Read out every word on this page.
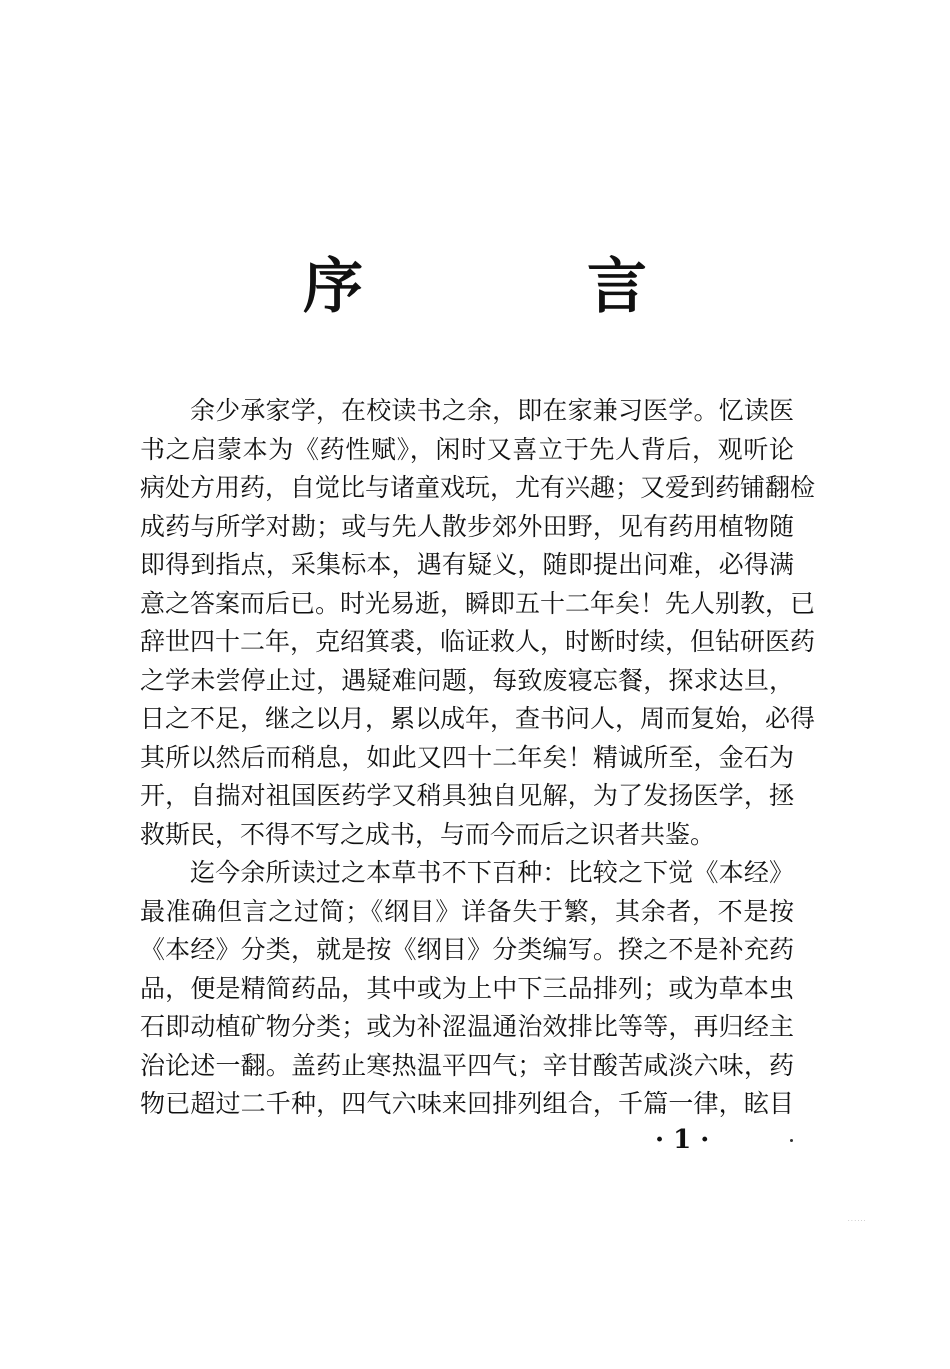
序　言

余少承家学，在校读书之余，即在家兼习医学。忆读医
书之启蒙本为《药性赋》，闲时又喜立于先人背后，观听论
病处方用药，自觉比与诸童戏玩，尤有兴趣；又爱到药铺翻检
成药与所学对勘；或与先人散步郊外田野，见有药用植物随
即得到指点，采集标本，遇有疑义，随即提出问难，必得满
意之答案而后已。时光易逝，瞬即五十二年矣！先人别教，已
辞世四十二年，克绍箕裘，临证救人，时断时续，但钻研医药
之学未尝停止过，遇疑难问题，每致废寝忘餐，探求达旦，
日之不足，继之以月，累以成年，查书问人，周而复始，必得
其所以然后而稍息，如此又四十二年矣！精诚所至，金石为
开，自揣对祖国医药学又稍具独自见解，为了发扬医学，拯
救斯民，不得不写之成书，与而今而后之识者共鉴。

迄今余所读过之本草书不下百种：比较之下觉《本经》
最准确但言之过简；《纲目》详备失于繁，其余者，不是按
《本经》分类，就是按《纲目》分类编写。揆之不是补充药
品，便是精简药品，其中或为上中下三品排列；或为草本虫
石即动植矿物分类；或为补涩温通治效排比等等，再归经主
治论述一翻。盖药止寒热温平四气；辛甘酸苦咸淡六味，药
物已超过二千种，四气六味来回排列组合，千篇一律，眩目

· 1 ·
· · · · · ·
